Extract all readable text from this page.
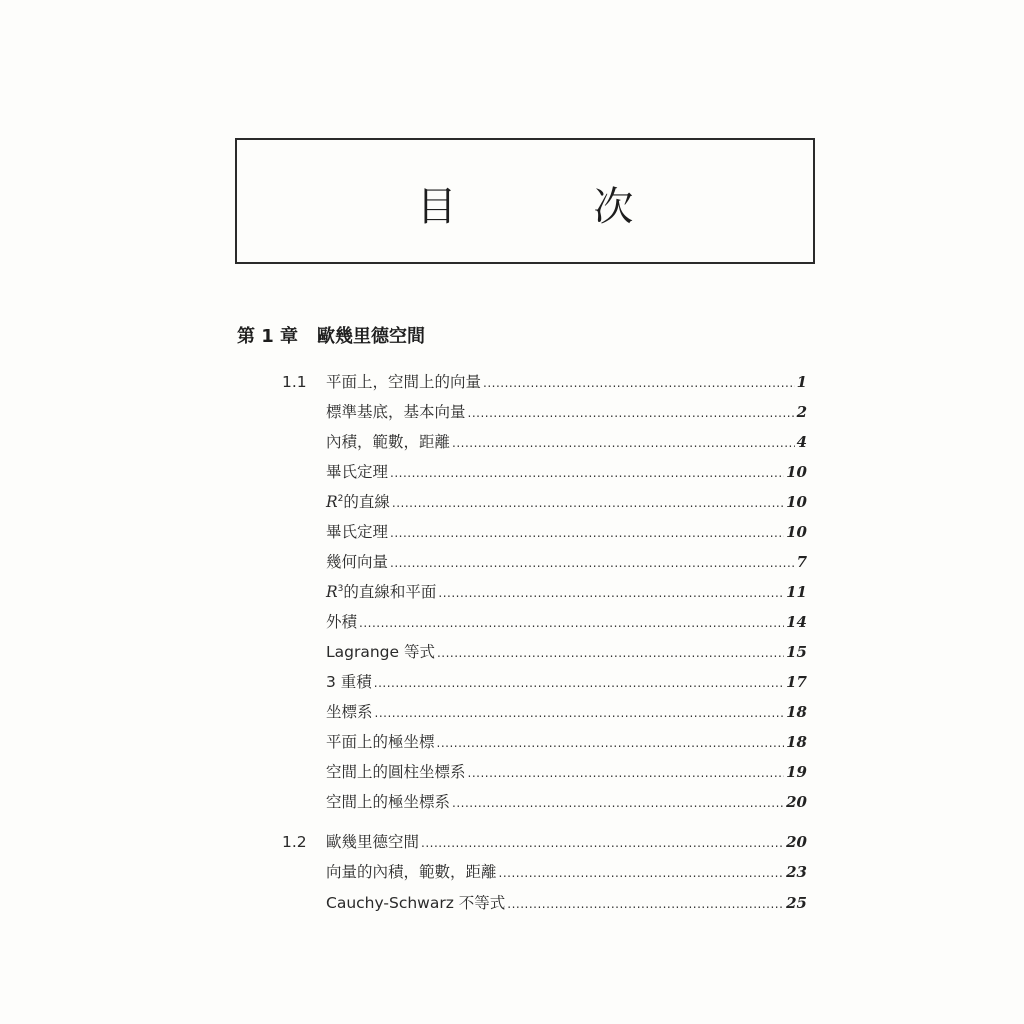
目 次
第 1 章 歐幾里德空間
1.1	平面上，空間上的向量 .....	1
標準基底，基本向量 .....	2
內積，範數，距離 .....	4
畢氏定理 .....	10
$R^2$的直線 .....	10
畢氏定理 .....	10
幾何向量 .....	7
$R^3$的直線和平面 .....	11
外積 .....	14
Lagrange 等式 .....	15
3 重積 .....	17
坐標系 .....	18
平面上的極坐標 .....	18
空間上的圓柱坐標系 .....	19
空間上的極坐標系 .....	20
1.2	歐幾里德空間 .....	20
向量的內積，範數，距離 .....	23
Cauchy-Schwarz 不等式 .....	25
